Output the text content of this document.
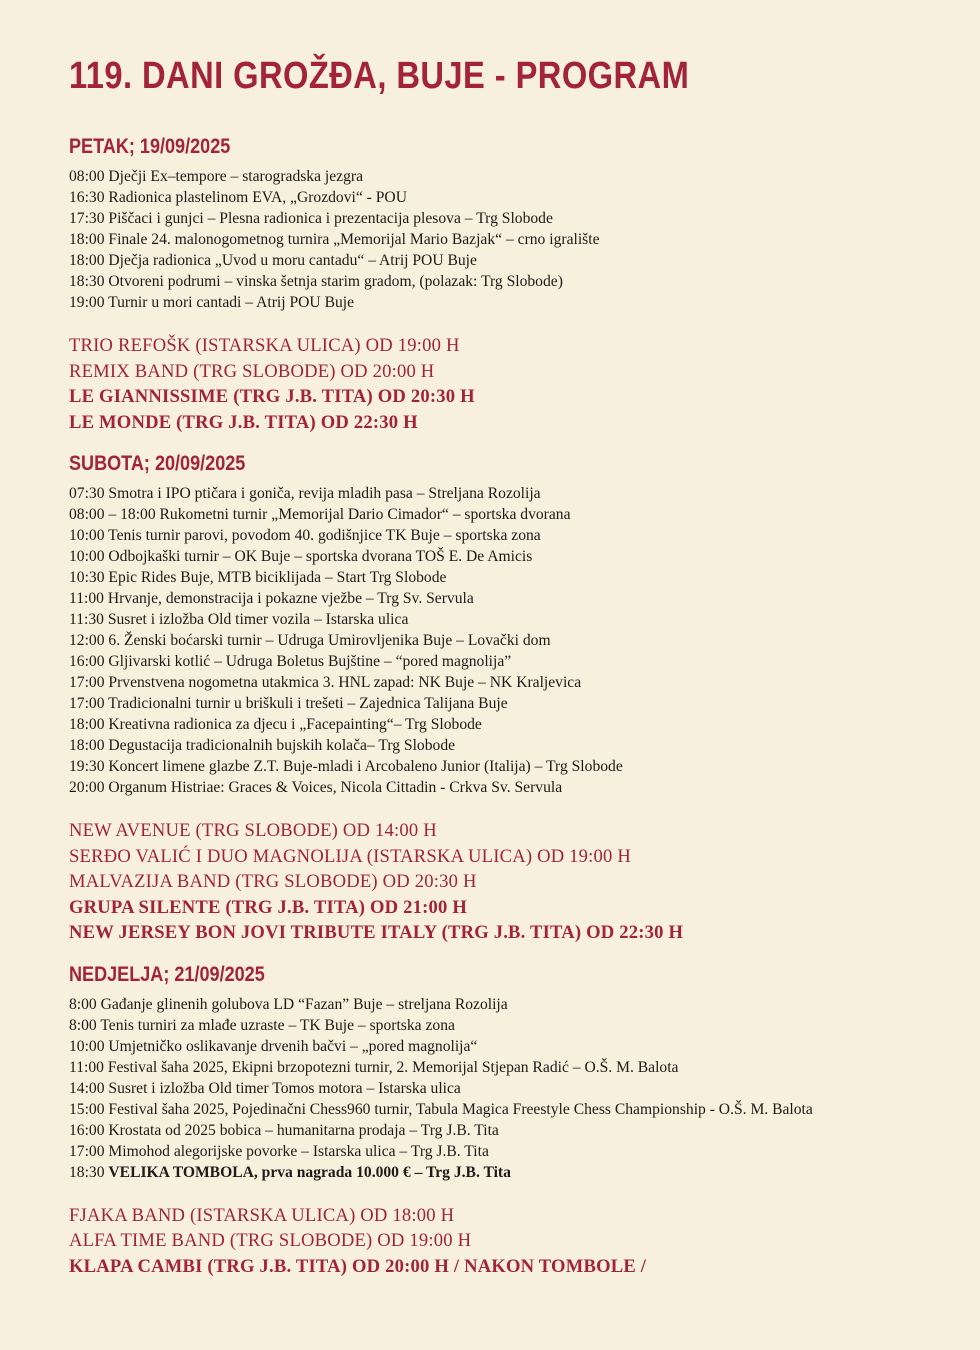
119. DANI GROŽĐA, BUJE - PROGRAM
PETAK; 19/09/2025
08:00 Dječji Ex–tempore – starogradska jezgra
16:30 Radionica plastelinom EVA, „Grozdovi“ - POU
17:30 Piščaci i gunjci – Plesna radionica i prezentacija plesova – Trg Slobode
18:00 Finale 24. malonogometnog turnira „Memorijal Mario Bazjak“ – crno igralište
18:00 Dječja radionica „Uvod u moru cantadu“ – Atrij POU Buje
18:30 Otvoreni podrumi – vinska šetnja starim gradom, (polazak: Trg Slobode)
19:00 Turnir u mori cantadi – Atrij POU Buje
TRIO REFOŠK (ISTARSKA ULICA) OD 19:00 H
REMIX BAND (TRG SLOBODE) OD 20:00 H
LE GIANNISSIME (TRG J.B. TITA) OD 20:30 H
LE MONDE (TRG J.B. TITA) OD 22:30 H
SUBOTA; 20/09/2025
07:30 Smotra i IPO ptičara i goniča, revija mladih pasa – Streljana Rozolija
08:00 – 18:00 Rukometni turnir „Memorijal Dario Cimador“ – sportska dvorana
10:00 Tenis turnir parovi, povodom 40. godišnjice TK Buje – sportska zona
10:00 Odbojkaški turnir – OK Buje – sportska dvorana TOŠ E. De Amicis
10:30 Epic Rides Buje, MTB biciklijada – Start Trg Slobode
11:00 Hrvanje, demonstracija i pokazne vježbe – Trg Sv. Servula
11:30 Susret i izložba Old timer vozila – Istarska ulica
12:00 6. Ženski boćarski turnir – Udruga Umirovljenika Buje – Lovački dom
16:00 Gljivarski kotlić – Udruga Boletus Bujštine – “pored magnolija”
17:00 Prvenstvena nogometna utakmica 3. HNL zapad: NK Buje – NK Kraljevica
17:00 Tradicionalni turnir u briškuli i trešeti – Zajednica Talijana Buje
18:00 Kreativna radionica za djecu i „Facepainting“– Trg Slobode
18:00 Degustacija tradicionalnih bujskih kolača– Trg Slobode
19:30 Koncert limene glazbe Z.T. Buje-mladi i Arcobaleno Junior (Italija) – Trg Slobode
20:00 Organum Histriae: Graces & Voices, Nicola Cittadin - Crkva Sv. Servula
NEW AVENUE (TRG SLOBODE) OD 14:00 H
SERĐO VALIĆ I DUO MAGNOLIJA (ISTARSKA ULICA) OD 19:00 H
MALVAZIJA BAND (TRG SLOBODE) OD 20:30 H
GRUPA SILENTE (TRG J.B. TITA) OD 21:00 H
NEW JERSEY BON JOVI TRIBUTE ITALY (TRG J.B. TITA) OD 22:30 H
NEDJELJA; 21/09/2025
8:00 Gađanje glinenih golubova LD “Fazan” Buje – streljana Rozolija
8:00 Tenis turniri za mlađe uzraste – TK Buje – sportska zona
10:00 Umjetničko oslikavanje drvenih bačvi – „pored magnolija“
11:00 Festival šaha 2025, Ekipni brzopotezni turnir, 2. Memorijal Stjepan Radić – O.Š. M. Balota
14:00 Susret i izložba Old timer Tomos motora – Istarska ulica
15:00 Festival šaha 2025, Pojedinačni Chess960 turnir, Tabula Magica Freestyle Chess Championship - O.Š. M. Balota
16:00 Krostata od 2025 bobica – humanitarna prodaja – Trg J.B. Tita
17:00 Mimohod alegorijske povorke – Istarska ulica – Trg J.B. Tita
18:30 VELIKA TOMBOLA, prva nagrada 10.000 € – Trg J.B. Tita
FJAKA BAND (ISTARSKA ULICA) OD 18:00 H
ALFA TIME BAND (TRG SLOBODE) OD 19:00 H
KLAPA CAMBI (TRG J.B. TITA) OD 20:00 H / NAKON TOMBOLE /
